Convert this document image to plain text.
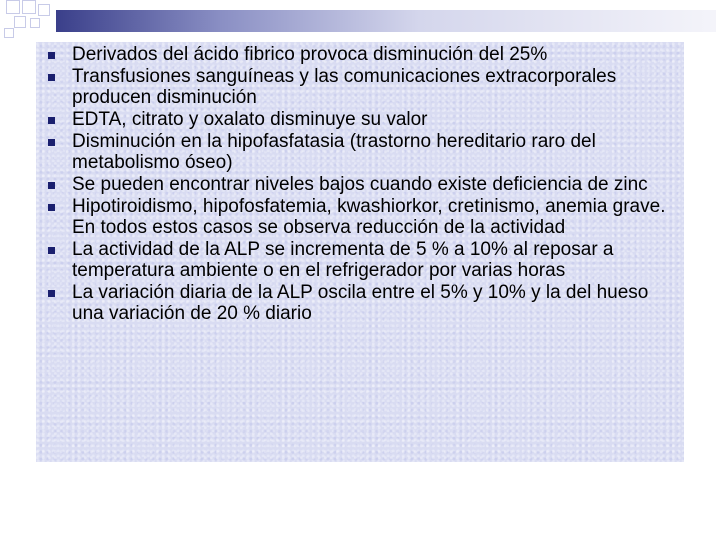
Derivados del ácido fibrico provoca disminución del 25%
Transfusiones sanguíneas y las comunicaciones extracorporales producen disminución
EDTA, citrato y oxalato disminuye su valor
Disminución en la hipofasfatasia (trastorno hereditario raro del metabolismo óseo)
Se pueden encontrar niveles bajos cuando existe deficiencia de zinc
Hipotiroidismo, hipofosfatemia, kwashiorkor, cretinismo, anemia grave. En todos estos casos se observa reducción de la actividad
La actividad de la ALP se incrementa de 5 % a 10% al reposar a temperatura ambiente o en el refrigerador por varias horas
La variación diaria de la ALP oscila entre el 5% y 10% y la del hueso una variación de 20 % diario
